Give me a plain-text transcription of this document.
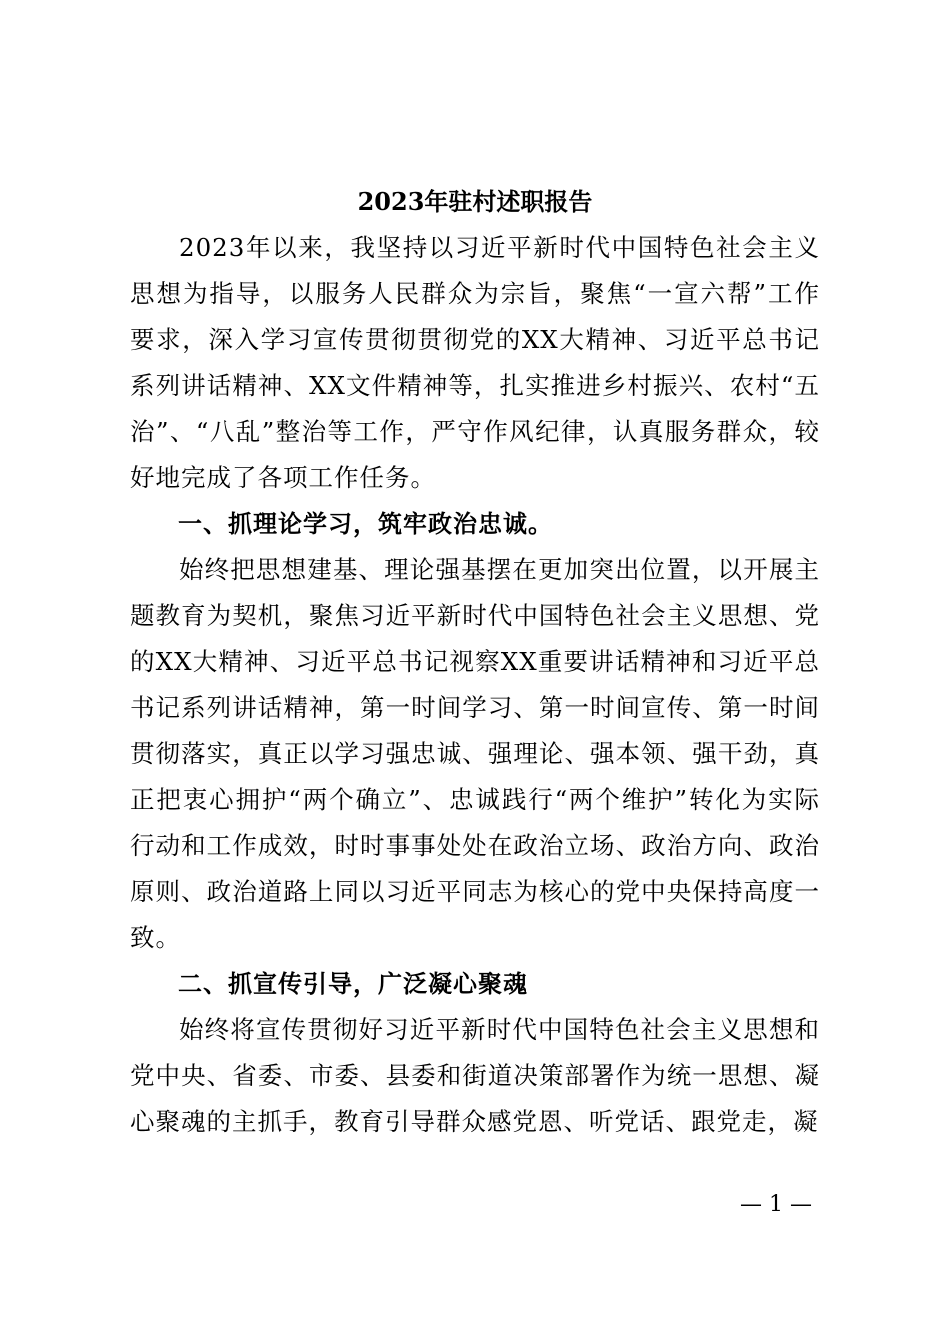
2023年驻村述职报告

2023年以来，我坚持以习近平新时代中国特色社会主义思想为指导，以服务人民群众为宗旨，聚焦“一宣六帮”工作要求，深入学习宣传贯彻贯彻党的XX大精神、习近平总书记系列讲话精神、XX文件精神等，扎实推进乡村振兴、农村“五治”、“八乱”整治等工作，严守作风纪律，认真服务群众，较好地完成了各项工作任务。

一、抓理论学习，筑牢政治忠诚。

始终把思想建基、理论强基摆在更加突出位置，以开展主题教育为契机，聚焦习近平新时代中国特色社会主义思想、党的XX大精神、习近平总书记视察XX重要讲话精神和习近平总书记系列讲话精神，第一时间学习、第一时间宣传、第一时间贯彻落实，真正以学习强忠诚、强理论、强本领、强干劲，真正把衷心拥护“两个确立”、忠诚践行“两个维护”转化为实际行动和工作成效，时时事事处处在政治立场、政治方向、政治原则、政治道路上同以习近平同志为核心的党中央保持高度一致。

二、抓宣传引导，广泛凝心聚魂

始终将宣传贯彻好习近平新时代中国特色社会主义思想和党中央、省委、市委、县委和街道决策部署作为统一思想、凝心聚魂的主抓手，教育引导群众感党恩、听党话、跟党走，凝

— 1 —
